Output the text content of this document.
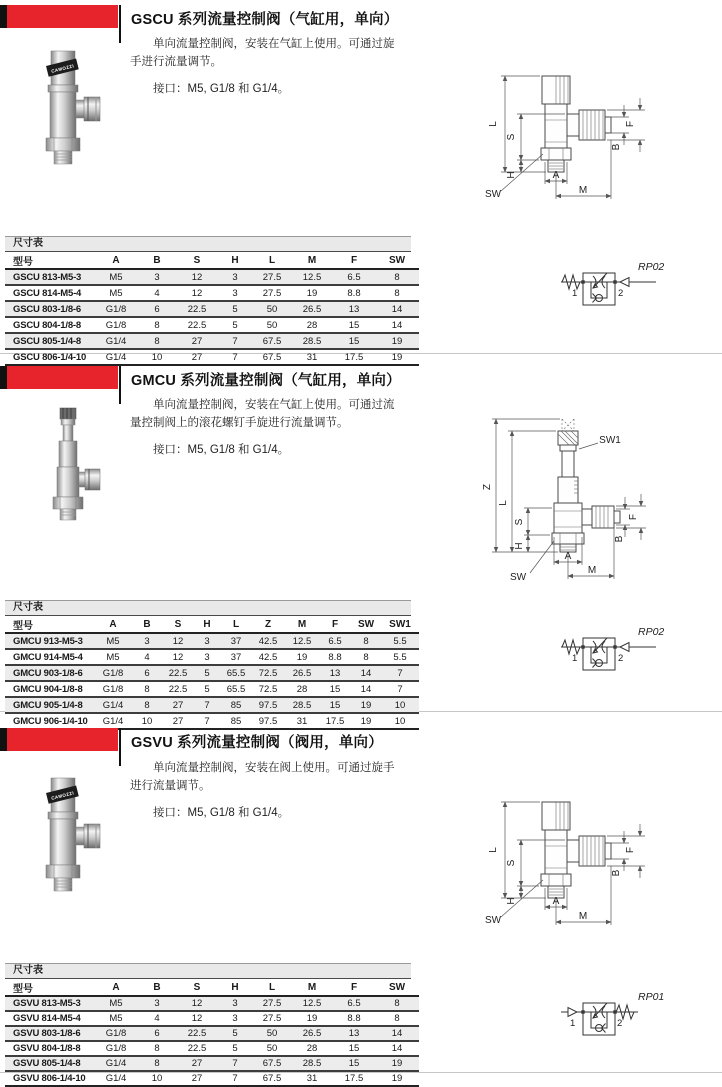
GSCU 系列流量控制阀（气缸用，单向）
单向流量控制阀，安装在气缸上使用。可通过旋手进行流量调节。
接口：M5, G1/8 和 G1/4。
CAMOZZI
L
S
H
SW
A
M
B
F
尺寸表
型号	A	B	S	H	L	M	F	SW
GSCU 813-M5-3	M5	3	12	3	27.5	12.5	6.5	8
GSCU 814-M5-4	M5	4	12	3	27.5	19	8.8	8
GSCU 803-1/8-6	G1/8	6	22.5	5	50	26.5	13	14
GSCU 804-1/8-8	G1/8	8	22.5	5	50	28	15	14
GSCU 805-1/4-8	G1/4	8	27	7	67.5	28.5	15	19
GSCU 806-1/4-10	G1/4	10	27	7	67.5	31	17.5	19
1	2
RP02
GMCU 系列流量控制阀（气缸用，单向）
单向流量控制阀，安装在气缸上使用。可通过流量控制阀上的滚花螺钉手旋进行流量调节。
接口：M5, G1/8 和 G1/4。
Z
L
S
H
SW
SW1
A
M
B
F
尺寸表
型号	A	B	S	H	L	Z	M	F	SW	SW1
GMCU 913-M5-3	M5	3	12	3	37	42.5	12.5	6.5	8	5.5
GMCU 914-M5-4	M5	4	12	3	37	42.5	19	8.8	8	5.5
GMCU 903-1/8-6	G1/8	6	22.5	5	65.5	72.5	26.5	13	14	7
GMCU 904-1/8-8	G1/8	8	22.5	5	65.5	72.5	28	15	14	7
GMCU 905-1/4-8	G1/4	8	27	7	85	97.5	28.5	15	19	10
GMCU 906-1/4-10	G1/4	10	27	7	85	97.5	31	17.5	19	10
1	2
RP02
GSVU 系列流量控制阀（阀用，单向）
单向流量控制阀，安装在阀上使用。可通过旋手进行流量调节。
接口：M5, G1/8 和 G1/4。
CAMOZZI
L
S
H
SW
A
M
B
F
尺寸表
型号	A	B	S	H	L	M	F	SW
GSVU 813-M5-3	M5	3	12	3	27.5	12.5	6.5	8
GSVU 814-M5-4	M5	4	12	3	27.5	19	8.8	8
GSVU 803-1/8-6	G1/8	6	22.5	5	50	26.5	13	14
GSVU 804-1/8-8	G1/8	8	22.5	5	50	28	15	14
GSVU 805-1/4-8	G1/4	8	27	7	67.5	28.5	15	19
GSVU 806-1/4-10	G1/4	10	27	7	67.5	31	17.5	19
1	2
RP01
